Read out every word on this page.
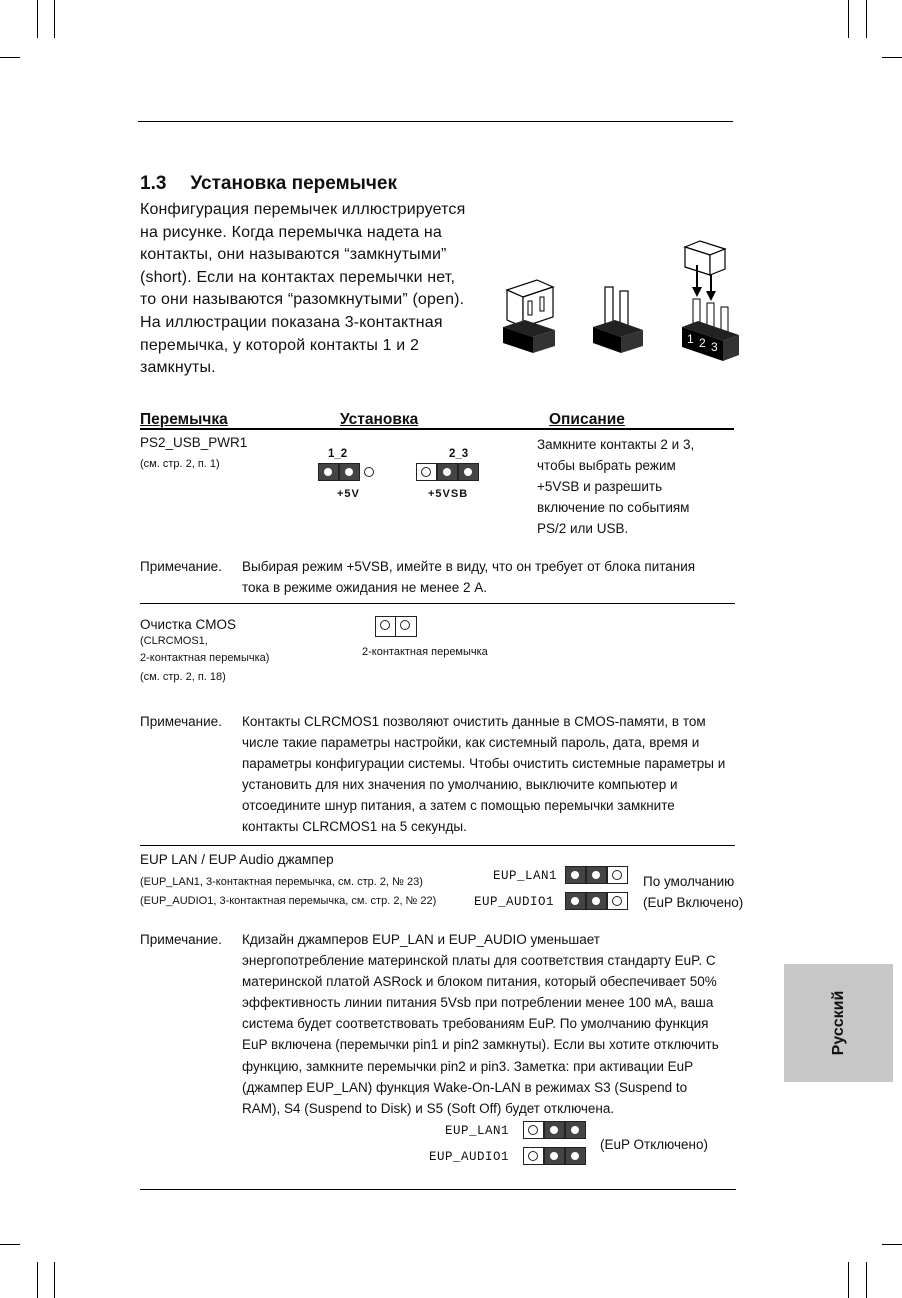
1.3 Установка перемычек
Конфигурация перемычек иллюстрируется
на рисунке. Когда перемычка надета на
контакты, они называются “замкнутыми”
(short). Если на контактах перемычки нет,
то они называются “разомкнутыми” (open).
На иллюстрации показана 3-контактная
перемычка, у которой контакты 1 и 2
замкнуты.
1 2 3
Перемычка	Установка	Описание
PS2_USB_PWR1
(см. стр. 2, п. 1)
1_2
+5V
2_3
+5VSB
Замкните контакты 2 и 3,
чтобы выбрать режим
+5VSB и разрешить
включение по событиям
PS/2 или USB.
Примечание. Выбирая режим +5VSB, имейте в виду, что он требует от блока питания
тока в режиме ожидания не менее 2 А.
Очистка CMOS
(CLRCMOS1,
2-контактная перемычка)
(см. стр. 2, п. 18)
2-контактная перемычка
Примечание. Контакты CLRCMOS1 позволяют очистить данные в CMOS-памяти, в том
числе такие параметры настройки, как системный пароль, дата, время и
параметры конфигурации системы. Чтобы очистить системные параметры и
установить для них значения по умолчанию, выключите компьютер и
отсоедините шнур питания, а затем с помощью перемычки замкните
контакты CLRCMOS1 на 5 секунды.
EUP LAN / EUP Audio джампер
(EUP_LAN1, 3-контактная перемычка, см. стр. 2, № 23)
(EUP_AUDIO1, 3-контактная перемычка, см. стр. 2, № 22)
EUP_LAN1
EUP_AUDIO1
По умолчанию
(EuP Включено)
Примечание. Кдизайн джамперов EUP_LAN и EUP_AUDIO уменьшает
энергопотребление материнской платы для соответствия стандарту EuP. С
материнской платой ASRock и блоком питания, который обеспечивает 50%
эффективность линии питания 5Vsb при потреблении менее 100 мА, ваша
система будет соответствовать требованиям EuP. По умолчанию функция
EuP включена (перемычки pin1 и pin2 замкнуты). Если вы хотите отключить
функцию, замкните перемычки pin2 и pin3. Заметка: при активации EuP
(джампер EUP_LAN) функция Wake-On-LAN в режимах S3 (Suspend to
RAM), S4 (Suspend to Disk) и S5 (Soft Off) будет отключена.
EUP_LAN1
EUP_AUDIO1
(EuP Отключено)
Русский
